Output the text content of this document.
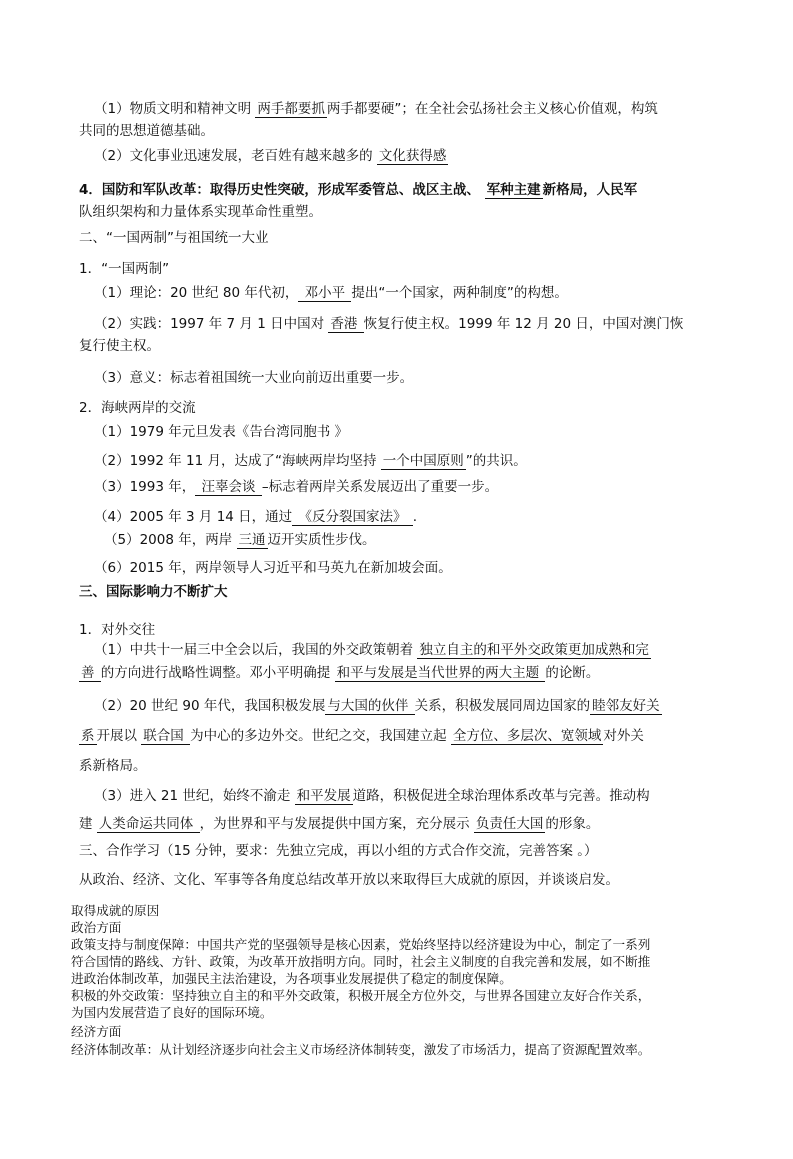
（1）物质文明和精神文明 两手都要抓 两手都要硬”；在全社会弘扬社会主义核心价值观，构筑
共同的思想道德基础。
（2）文化事业迅速发展，老百姓有越来越多的 文化获得感
4．国防和军队改革：取得历史性突破，形成军委管总、战区主战、 军种主建 新格局，人民军
队组织架构和力量体系实现革命性重塑。
二、“一国两制”与祖国统一大业
1．“一国两制”
（1）理论：20 世纪 80 年代初， 邓小平 提出“一个国家，两种制度”的构想。
（2）实践：1997 年 7 月 1 日中国对 香港 恢复行使主权。1999 年 12 月 20 日，中国对澳门恢
复行使主权。
（3）意义：标志着祖国统一大业向前迈出重要一步。
2．海峡两岸的交流
（1）1979 年元旦发表《告台湾同胞书 》
（2）1992 年 11 月，达成了“海峡两岸均坚持 一个中国原则 ”的共识。
（3）1993 年， 汪辜会谈 –标志着两岸关系发展迈出了重要一步。
（4）2005 年 3 月 14 日，通过 《反分裂国家法》 .
（5）2008 年，两岸 三通 迈开实质性步伐。
（6）2015 年，两岸领导人习近平和马英九在新加坡会面。
三、国际影响力不断扩大
1．对外交往
（1）中共十一届三中全会以后，我国的外交政策朝着 独立自主的和平外交政策更加成熟和完
善 的方向进行战略性调整。邓小平明确提 和平与发展是当代世界的两大主题 的论断。
（2）20 世纪 90 年代，我国积极发展 与大国的伙伴 关系，积极发展同周边国家的 睦邻友好关
系 开展以 联合国 为中心的多边外交。世纪之交，我国建立起 全方位、多层次、宽领域 对外关
系新格局。
（3）进入 21 世纪，始终不渝走 和平发展 道路，积极促进全球治理体系改革与完善。推动构
建 人类命运共同体 ，为世界和平与发展提供中国方案，充分展示 负责任大国 的形象。
三、合作学习（15 分钟，要求：先独立完成，再以小组的方式合作交流，完善答案 。）
从政治、经济、文化、军事等各角度总结改革开放以来取得巨大成就的原因，并谈谈启发。
取得成就的原因
政治方面
政策支持与制度保障：中国共产党的坚强领导是核心因素，党始终坚持以经济建设为中心，制定了一系列
符合国情的路线、方针、政策，为改革开放指明方向。同时，社会主义制度的自我完善和发展，如不断推
进政治体制改革，加强民主法治建设，为各项事业发展提供了稳定的制度保障。
积极的外交政策：坚持独立自主的和平外交政策，积极开展全方位外交，与世界各国建立友好合作关系，
为国内发展营造了良好的国际环境。
经济方面
经济体制改革：从计划经济逐步向社会主义市场经济体制转变，激发了市场活力，提高了资源配置效率。
